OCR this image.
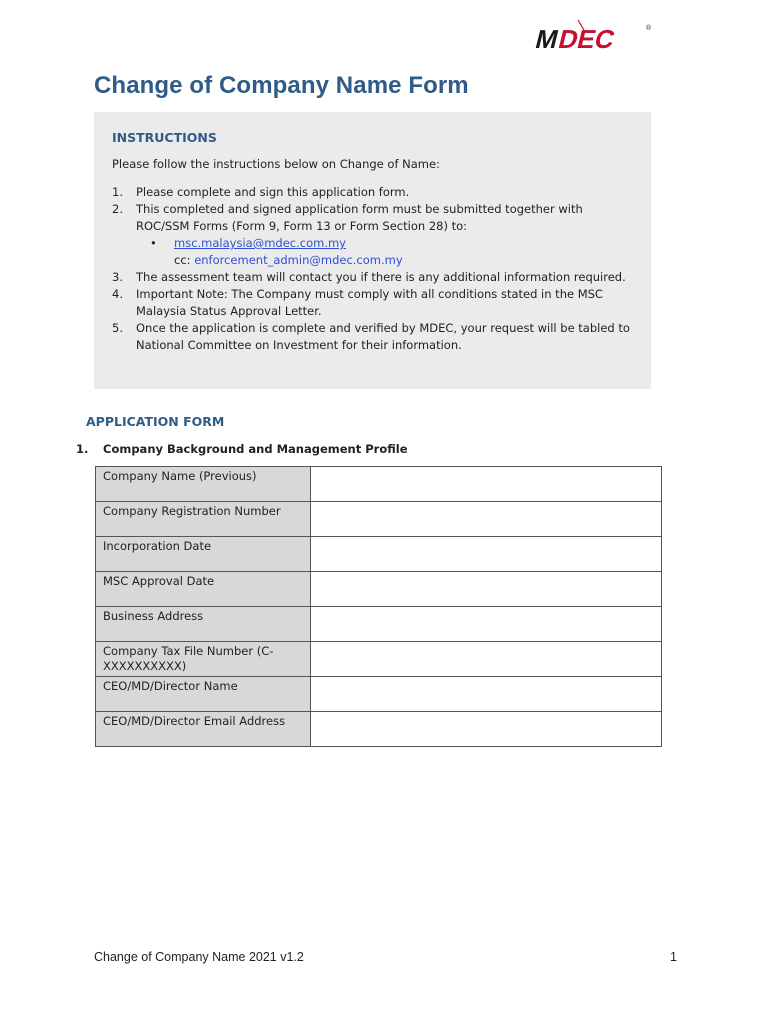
M
DEC	®
Change of Company Name Form
INSTRUCTIONS
Please follow the instructions below on Change of Name:
1. Please complete and sign this application form.
2. This completed and signed application form must be submitted together with ROC/SSM Forms (Form 9, Form 13 or Form Section 28) to:
• msc.malaysia@mdec.com.my
cc: enforcement_admin@mdec.com.my
3. The assessment team will contact you if there is any additional information required.
4. Important Note: The Company must comply with all conditions stated in the MSC Malaysia Status Approval Letter.
5. Once the application is complete and verified by MDEC, your request will be tabled to National Committee on Investment for their information.
APPLICATION FORM
1. Company Background and Management Profile
Company Name (Previous)	
Company Registration Number	
Incorporation Date	
MSC Approval Date	
Business Address	
Company Tax File Number (C-XXXXXXXXXX)	
CEO/MD/Director Name	
CEO/MD/Director Email Address	
Change of Company Name 2021 v1.2	1
